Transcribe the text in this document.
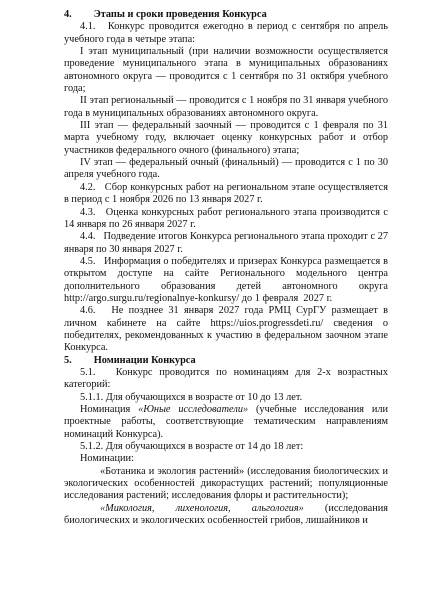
4. Этапы и сроки проведения Конкурса

4.1.   Конкурс проводится ежегодно в период с сентября по апрель учебного года в четыре этапа:

I этап муниципальный (при наличии возможности осуществляется проведение муниципального этапа в муниципальных образованиях автономного округа — проводится с 1 сентября по 31 октября учебного года;

II этап региональный — проводится с 1 ноября по 31 января учебного года в муниципальных образованиях автономного округа.

III этап — федеральный заочный — проводится с 1 февраля по 31 марта учебному году, включает оценку конкурсных работ и отбор участников федерального очного (финального) этапа;

IV этап — федеральный очный (финальный) — проводится с 1 по 30 апреля учебного года.

4.2.   Сбор конкурсных работ на региональном этапе осуществляется в период с 1 ноября 2026 по 13 января 2027 г.

4.3.   Оценка конкурсных работ регионального этапа производится с 14 января по 26 января 2027 г.

4.4.   Подведение итогов Конкурса регионального этапа проходит с 27 января по 30 января 2027 г.

4.5.   Информация о победителях и призерах Конкурса размещается в открытом доступе на сайте Регионального модельного центра дополнительного образования детей автономного округа http://argo.surgu.ru/regionalnye-konkursy/ до 1 февраля  2027 г.

4.6.   Не позднее 31 января 2027 года РМЦ СурГУ размещает в личном кабинете на сайте https://uios.progressdeti.ru/ сведения о победителях, рекомендованных к участию в федеральном заочном этапе Конкурса.

5. Номинации Конкурса

5.1.   Конкурс проводится по номинациям для 2-х возрастных категорий:

5.1.1. Для обучающихся в возрасте от 10 до 13 лет.

Номинация «Юные исследователи» (учебные исследования или проектные работы, соответствующие тематическим направлениям номинаций Конкурса).

5.1.2. Для обучающихся в возрасте от 14 до 18 лет:

Номинации:

«Ботаника и экология растений» (исследования биологических и экологических особенностей дикорастущих растений; популяционные исследования растений; исследования флоры и растительности);

«Микология, лихенология, альгология» (исследования биологических и экологических особенностей грибов, лишайников и
